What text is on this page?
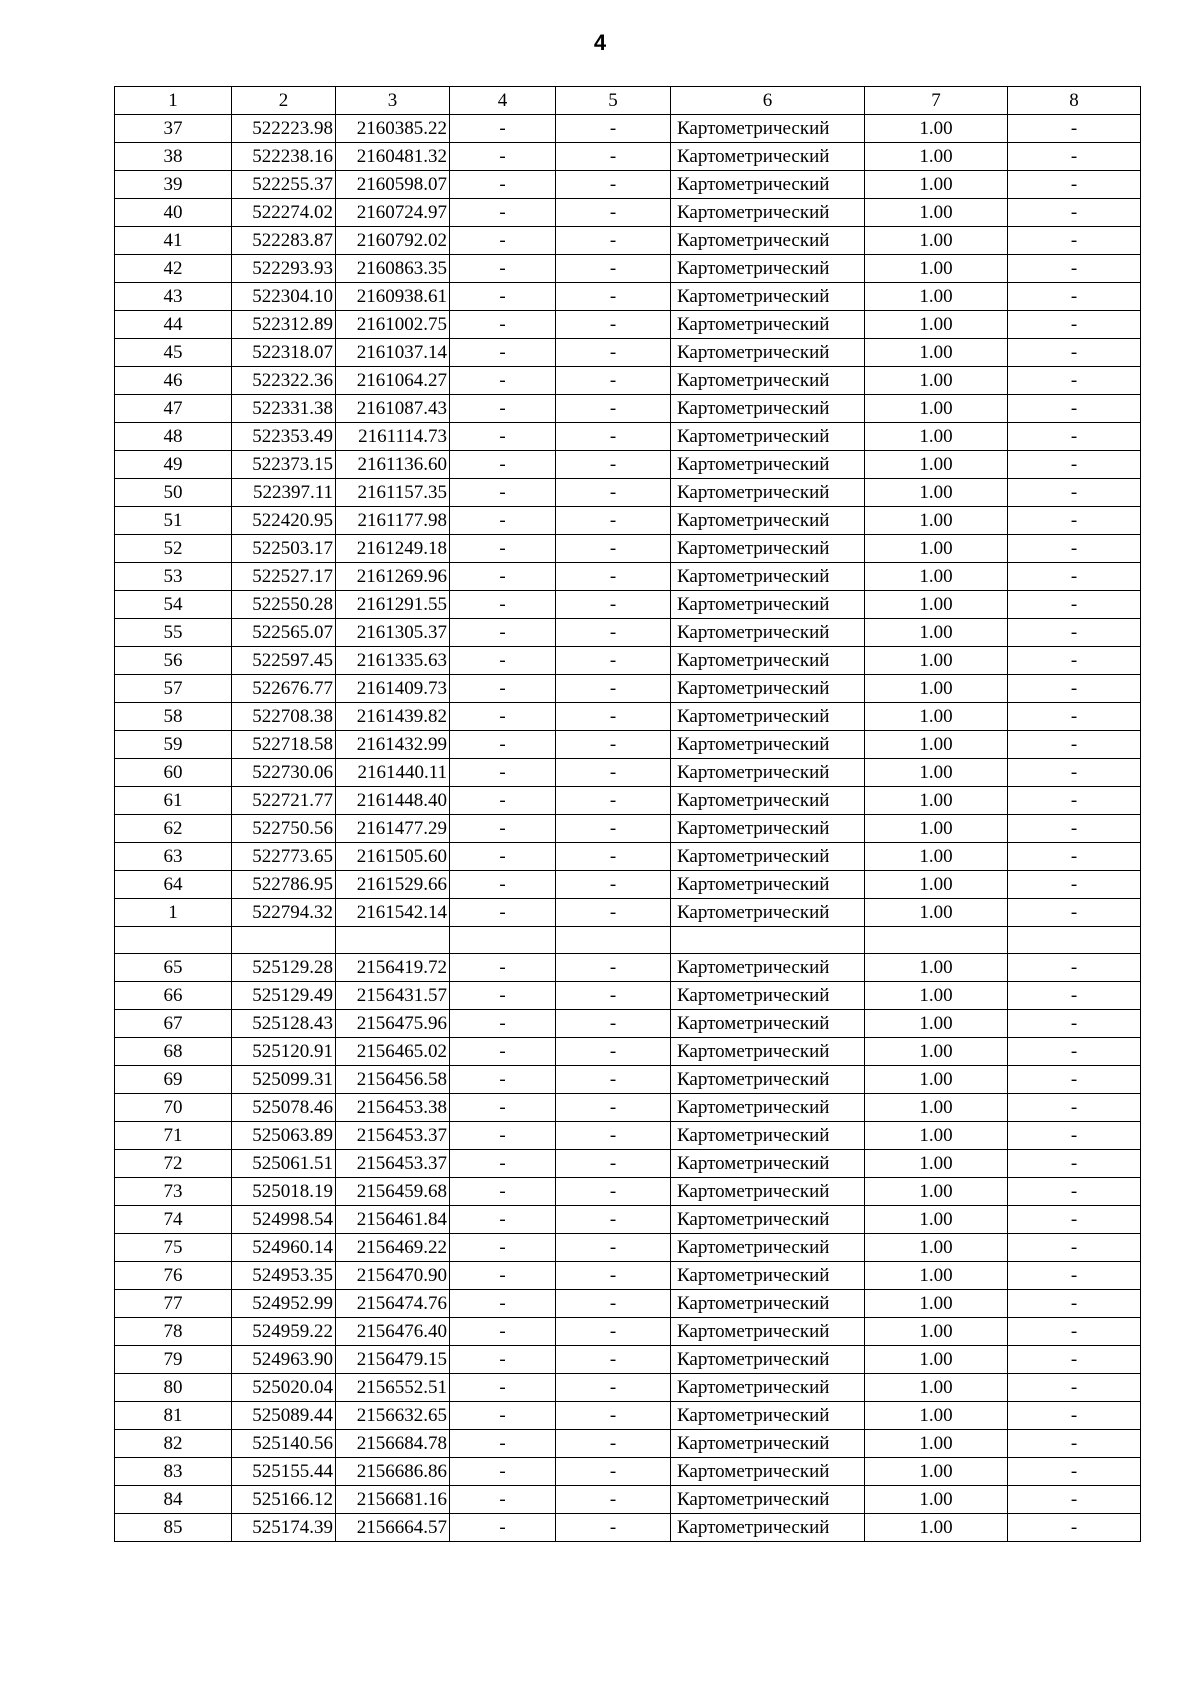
4
1	2	3	4	5	6	7	8
37	522223.98	2160385.22	-	-	Картометрический	1.00	-
38	522238.16	2160481.32	-	-	Картометрический	1.00	-
39	522255.37	2160598.07	-	-	Картометрический	1.00	-
40	522274.02	2160724.97	-	-	Картометрический	1.00	-
41	522283.87	2160792.02	-	-	Картометрический	1.00	-
42	522293.93	2160863.35	-	-	Картометрический	1.00	-
43	522304.10	2160938.61	-	-	Картометрический	1.00	-
44	522312.89	2161002.75	-	-	Картометрический	1.00	-
45	522318.07	2161037.14	-	-	Картометрический	1.00	-
46	522322.36	2161064.27	-	-	Картометрический	1.00	-
47	522331.38	2161087.43	-	-	Картометрический	1.00	-
48	522353.49	2161114.73	-	-	Картометрический	1.00	-
49	522373.15	2161136.60	-	-	Картометрический	1.00	-
50	522397.11	2161157.35	-	-	Картометрический	1.00	-
51	522420.95	2161177.98	-	-	Картометрический	1.00	-
52	522503.17	2161249.18	-	-	Картометрический	1.00	-
53	522527.17	2161269.96	-	-	Картометрический	1.00	-
54	522550.28	2161291.55	-	-	Картометрический	1.00	-
55	522565.07	2161305.37	-	-	Картометрический	1.00	-
56	522597.45	2161335.63	-	-	Картометрический	1.00	-
57	522676.77	2161409.73	-	-	Картометрический	1.00	-
58	522708.38	2161439.82	-	-	Картометрический	1.00	-
59	522718.58	2161432.99	-	-	Картометрический	1.00	-
60	522730.06	2161440.11	-	-	Картометрический	1.00	-
61	522721.77	2161448.40	-	-	Картометрический	1.00	-
62	522750.56	2161477.29	-	-	Картометрический	1.00	-
63	522773.65	2161505.60	-	-	Картометрический	1.00	-
64	522786.95	2161529.66	-	-	Картометрический	1.00	-
1	522794.32	2161542.14	-	-	Картометрический	1.00	-

65	525129.28	2156419.72	-	-	Картометрический	1.00	-
66	525129.49	2156431.57	-	-	Картометрический	1.00	-
67	525128.43	2156475.96	-	-	Картометрический	1.00	-
68	525120.91	2156465.02	-	-	Картометрический	1.00	-
69	525099.31	2156456.58	-	-	Картометрический	1.00	-
70	525078.46	2156453.38	-	-	Картометрический	1.00	-
71	525063.89	2156453.37	-	-	Картометрический	1.00	-
72	525061.51	2156453.37	-	-	Картометрический	1.00	-
73	525018.19	2156459.68	-	-	Картометрический	1.00	-
74	524998.54	2156461.84	-	-	Картометрический	1.00	-
75	524960.14	2156469.22	-	-	Картометрический	1.00	-
76	524953.35	2156470.90	-	-	Картометрический	1.00	-
77	524952.99	2156474.76	-	-	Картометрический	1.00	-
78	524959.22	2156476.40	-	-	Картометрический	1.00	-
79	524963.90	2156479.15	-	-	Картометрический	1.00	-
80	525020.04	2156552.51	-	-	Картометрический	1.00	-
81	525089.44	2156632.65	-	-	Картометрический	1.00	-
82	525140.56	2156684.78	-	-	Картометрический	1.00	-
83	525155.44	2156686.86	-	-	Картометрический	1.00	-
84	525166.12	2156681.16	-	-	Картометрический	1.00	-
85	525174.39	2156664.57	-	-	Картометрический	1.00	-
